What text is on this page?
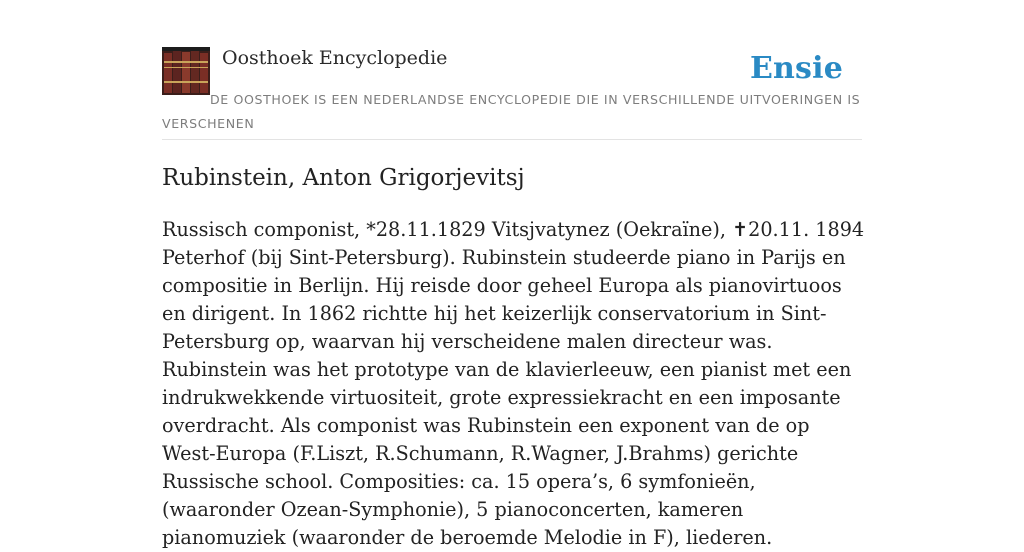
Oosthoek Encyclopedie	Ensie
DE OOSTHOEK IS EEN NEDERLANDSE ENCYCLOPEDIE DIE IN VERSCHILLENDE UITVOERINGEN IS VERSCHENEN
Rubinstein, Anton Grigorjevitsj

Russisch componist, *28.11.1829 Vitsjvatynez (Oekraïne), ✝20.11. 1894 Peterhof (bij Sint-Petersburg). Rubinstein studeerde piano in Parijs en compositie in Berlijn. Hij reisde door geheel Europa als pianovirtuoos en dirigent. In 1862 richtte hij het keizerlijk conservatorium in Sint-Petersburg op, waarvan hij verscheidene malen directeur was. Rubinstein was het prototype van de klavierleeuw, een pianist met een indrukwekkende virtuositeit, grote expressiekracht en een imposante overdracht. Als componist was Rubinstein een exponent van de op West-Europa (F.Liszt, R.Schumann, R.Wagner, J.Brahms) gerichte Russische school. Composities: ca. 15 opera’s, 6 symfonieën, (waaronder Ozean-Symphonie), 5 pianoconcerten, kameren pianomuziek (waaronder de beroemde Melodie in F), liederen.
